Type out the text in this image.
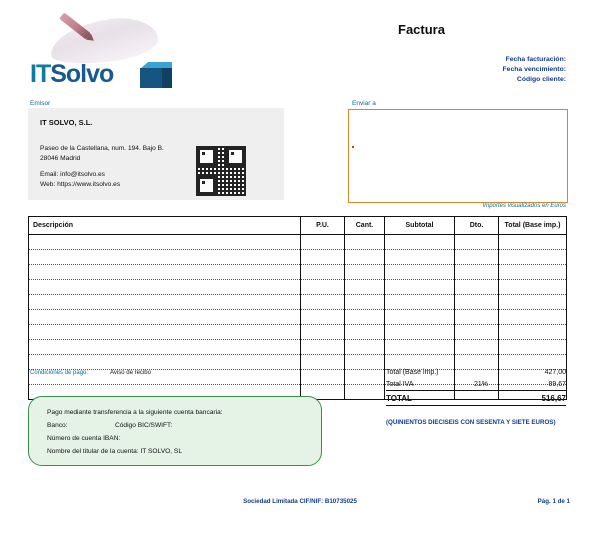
ITSolvo
Factura
Fecha facturación:
Fecha vencimiento:
Código cliente:
Emisor
IT SOLVO, S.L.
Paseo de la Castellana, num. 194. Bajo B.
28046 Madrid
Email: info@itsolvo.es
Web: https://www.itsolvo.es
Enviar a
Importes visualizados en Euros
Descripción	P.U.	Cant.	Subtotal	Dto.	Total (Base imp.)

Condiciones de pago:	Aviso de recibo
Pago mediante transferencia a la siguiente cuenta bancaria:
Banco:	Código BIC/SWIFT:
Número de cuenta IBAN:
Nombre del titular de la cuenta: IT SOLVO, SL
Total (Base imp.)	427,00
Total IVA	21%	89,67
TOTAL	516,67
(QUINIENTOS DIECISEIS CON SESENTA Y SIETE EUROS)
Sociedad Limitada CIF/NIF: B10735025	Pág. 1 de 1
